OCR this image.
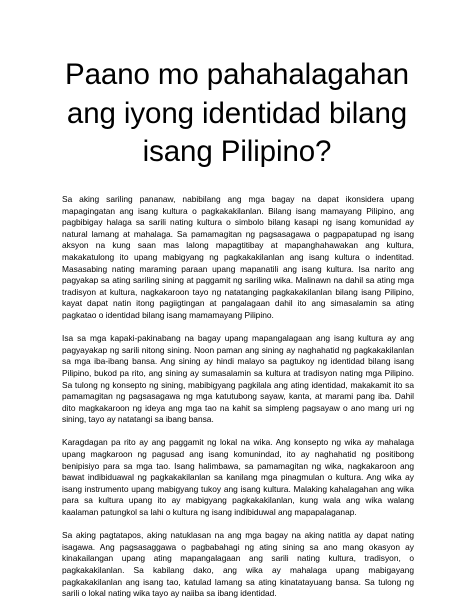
Paano mo pahahalagahan ang iyong identidad bilang isang Pilipino?

Sa aking sariling pananaw, nabibilang ang mga bagay na dapat ikonsidera upang mapagingatan ang isang kultura o pagkakakilanlan. Bilang isang mamayang Pilipino, ang pagbibigay halaga sa sarili nating kultura o simbolo bilang kasapi ng isang komunidad ay natural lamang at mahalaga. Sa pamamagitan ng pagsasagawa o pagpapatupad ng isang aksyon na kung saan mas lalong mapagtitibay at mapanghahawakan ang kultura, makakatulong ito upang mabigyang ng pagkakakilanlan ang isang kultura o indentitad. Masasabing nating maraming paraan upang mapanatili ang isang kultura. Isa narito ang pagyakap sa ating sariling sining at paggamit ng sariling wika. Malinawn na dahil sa ating mga tradisyon at kultura, nagkakaroon tayo ng natatanging pagkakakilanlan bilang isang Pilipino, kayat dapat natin itong pagiigtingan at pangalagaan dahil ito ang simasalamin sa ating pagkatao o identidad bilang isang mamamayang Pilipino.

Isa sa mga kapaki-pakinabang na bagay upang mapangalagaan ang isang kultura ay ang pagyayakap ng sarili nitong sining. Noon paman ang sining ay naghahatid ng pagkakakilanlan sa mga iba-ibang bansa. Ang sining ay hindi malayo sa pagtukoy ng identidad bilang isang Pilipino, bukod pa rito, ang sining ay sumasalamin sa kultura at tradisyon nating mga Pilipino. Sa tulong ng konsepto ng sining, mabibigyang pagkilala ang ating identidad, makakamit ito sa pamamagitan ng pagsasagawa ng mga katutubong sayaw, kanta, at marami pang iba. Dahil dito magkakaroon ng ideya ang mga tao na kahit sa simpleng pagsayaw o ano mang uri ng sining, tayo ay natatangi sa ibang bansa.

Karagdagan pa rito ay ang paggamit ng lokal na wika. Ang konsepto ng wika ay mahalaga upang magkaroon ng pagusad ang isang komunindad, ito ay naghahatid ng positibong benipisiyo para sa mga tao. Isang halimbawa, sa pamamagitan ng wika, nagkakaroon ang bawat indibiduawal ng pagkakakilanlan sa kanilang mga pinagmulan o kultura. Ang wika ay isang instrumento upang mabigyang tukoy ang isang kultura. Malaking kahalagahan ang wika para sa kultura upang ito ay mabigyang pagkakakilanlan, kung wala ang wika walang kaalaman patungkol sa lahi o kultura ng isang indibiduwal ang mapapalaganap.

Sa aking pagtatapos, aking natuklasan na ang mga bagay na aking natitla ay dapat nating isagawa. Ang pagsasaggawa o pagbabahagi ng ating sining sa ano mang okasyon ay kinakailangan upang ating mapangalagaan ang sarili nating kultura, tradisyon, o pagkakakilanlan. Sa kabilang dako, ang wika ay mahalaga upang mabigayang pagkakakilanlan ang isang tao, katulad lamang sa ating kinatatayuang bansa. Sa tulong ng sarili o lokal nating wika tayo ay naiiba sa ibang identidad.
